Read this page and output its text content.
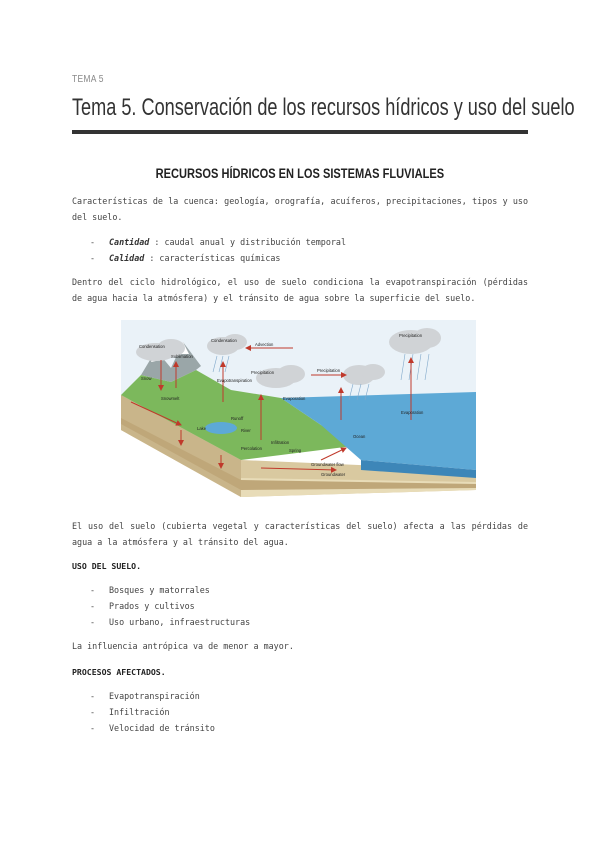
TEMA 5
Tema 5. Conservación de los recursos hídricos y uso del suelo
RECURSOS HÍDRICOS EN LOS SISTEMAS FLUVIALES

Características de la cuenca: geología, orografía, acuíferos, precipitaciones, tipos y uso del suelo.

- Cantidad : caudal anual y distribución temporal
- Calidad : características químicas

Dentro del ciclo hidrológico, el uso de suelo condiciona la evapotranspiración (pérdidas de agua hacia la atmósfera) y el tránsito de agua sobre la superficie del suelo.

Condensation
Condensation
Advection
Precipitation	Precipitation
Precipitation
Snow
Sublimation
Evapotranspiration
Evaporation
Evaporation
Snowmelt
Runoff
Lake	River
Infiltration
Percolation	Spring
Groundwater flow
Groundwater
Ocean

El uso del suelo (cubierta vegetal y características del suelo) afecta a las pérdidas de agua a la atmósfera y al tránsito del agua.

USO DEL SUELO.
- Bosques y matorrales
- Prados y cultivos
- Uso urbano, infraestructuras

La influencia antrópica va de menor a mayor.

PROCESOS AFECTADOS.
- Evapotranspiración
- Infiltración
- Velocidad de tránsito
